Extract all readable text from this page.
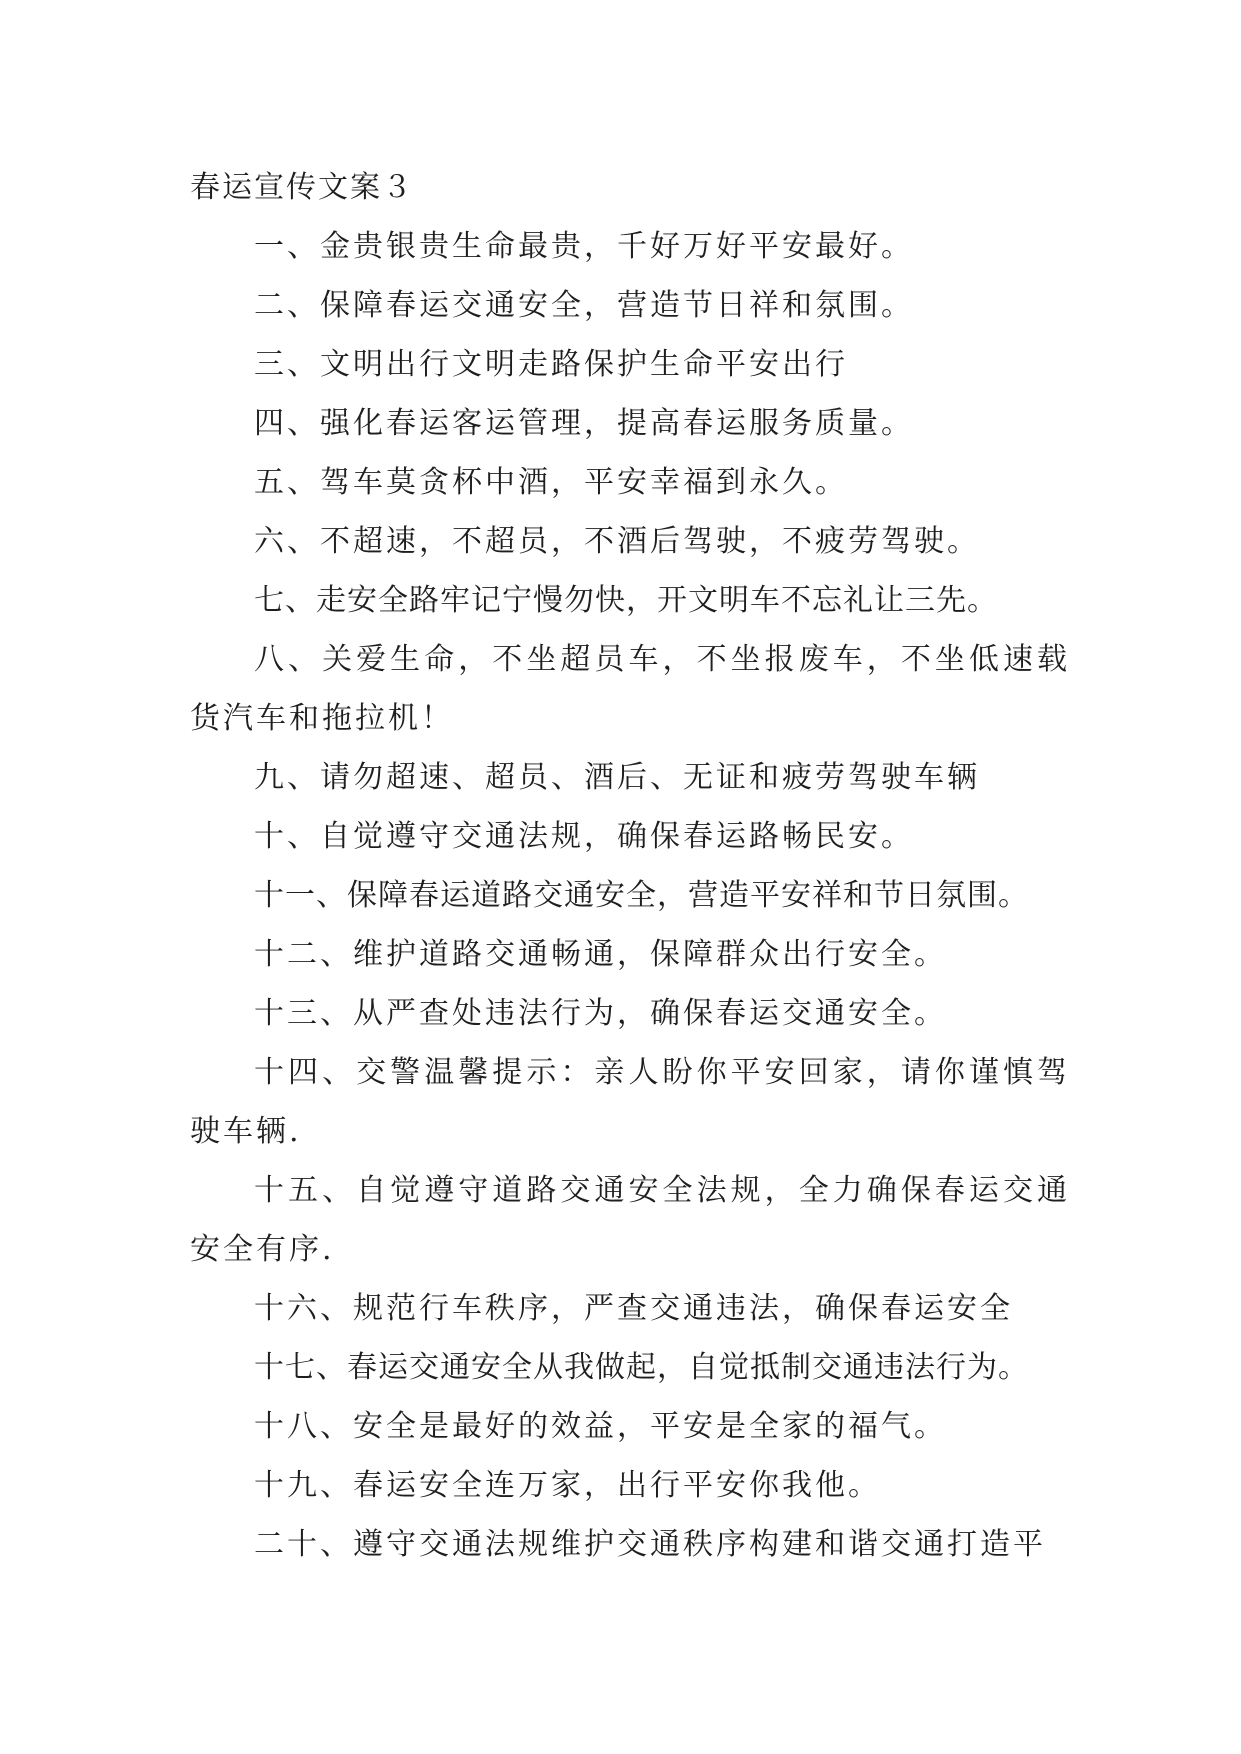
春运宣传文案３

一、金贵银贵生命最贵，千好万好平安最好。

二、保障春运交通安全，营造节日祥和氛围。

三、文明出行文明走路保护生命平安出行

四、强化春运客运管理，提高春运服务质量。

五、驾车莫贪杯中酒，平安幸福到永久。

六、不超速，不超员，不酒后驾驶，不疲劳驾驶。

七、走安全路牢记宁慢勿快，开文明车不忘礼让三先。

八、关爱生命，不坐超员车，不坐报废车，不坐低速载货汽车和拖拉机！

九、请勿超速、超员、酒后、无证和疲劳驾驶车辆

十、自觉遵守交通法规，确保春运路畅民安。

十一、保障春运道路交通安全，营造平安祥和节日氛围。

十二、维护道路交通畅通，保障群众出行安全。

十三、从严查处违法行为，确保春运交通安全。

十四、交警温馨提示：亲人盼你平安回家，请你谨慎驾驶车辆.

十五、自觉遵守道路交通安全法规，全力确保春运交通安全有序.

十六、规范行车秩序，严查交通违法，确保春运安全

十七、春运交通安全从我做起，自觉抵制交通违法行为。

十八、安全是最好的效益，平安是全家的福气。

十九、春运安全连万家，出行平安你我他。

二十、遵守交通法规维护交通秩序构建和谐交通打造平
